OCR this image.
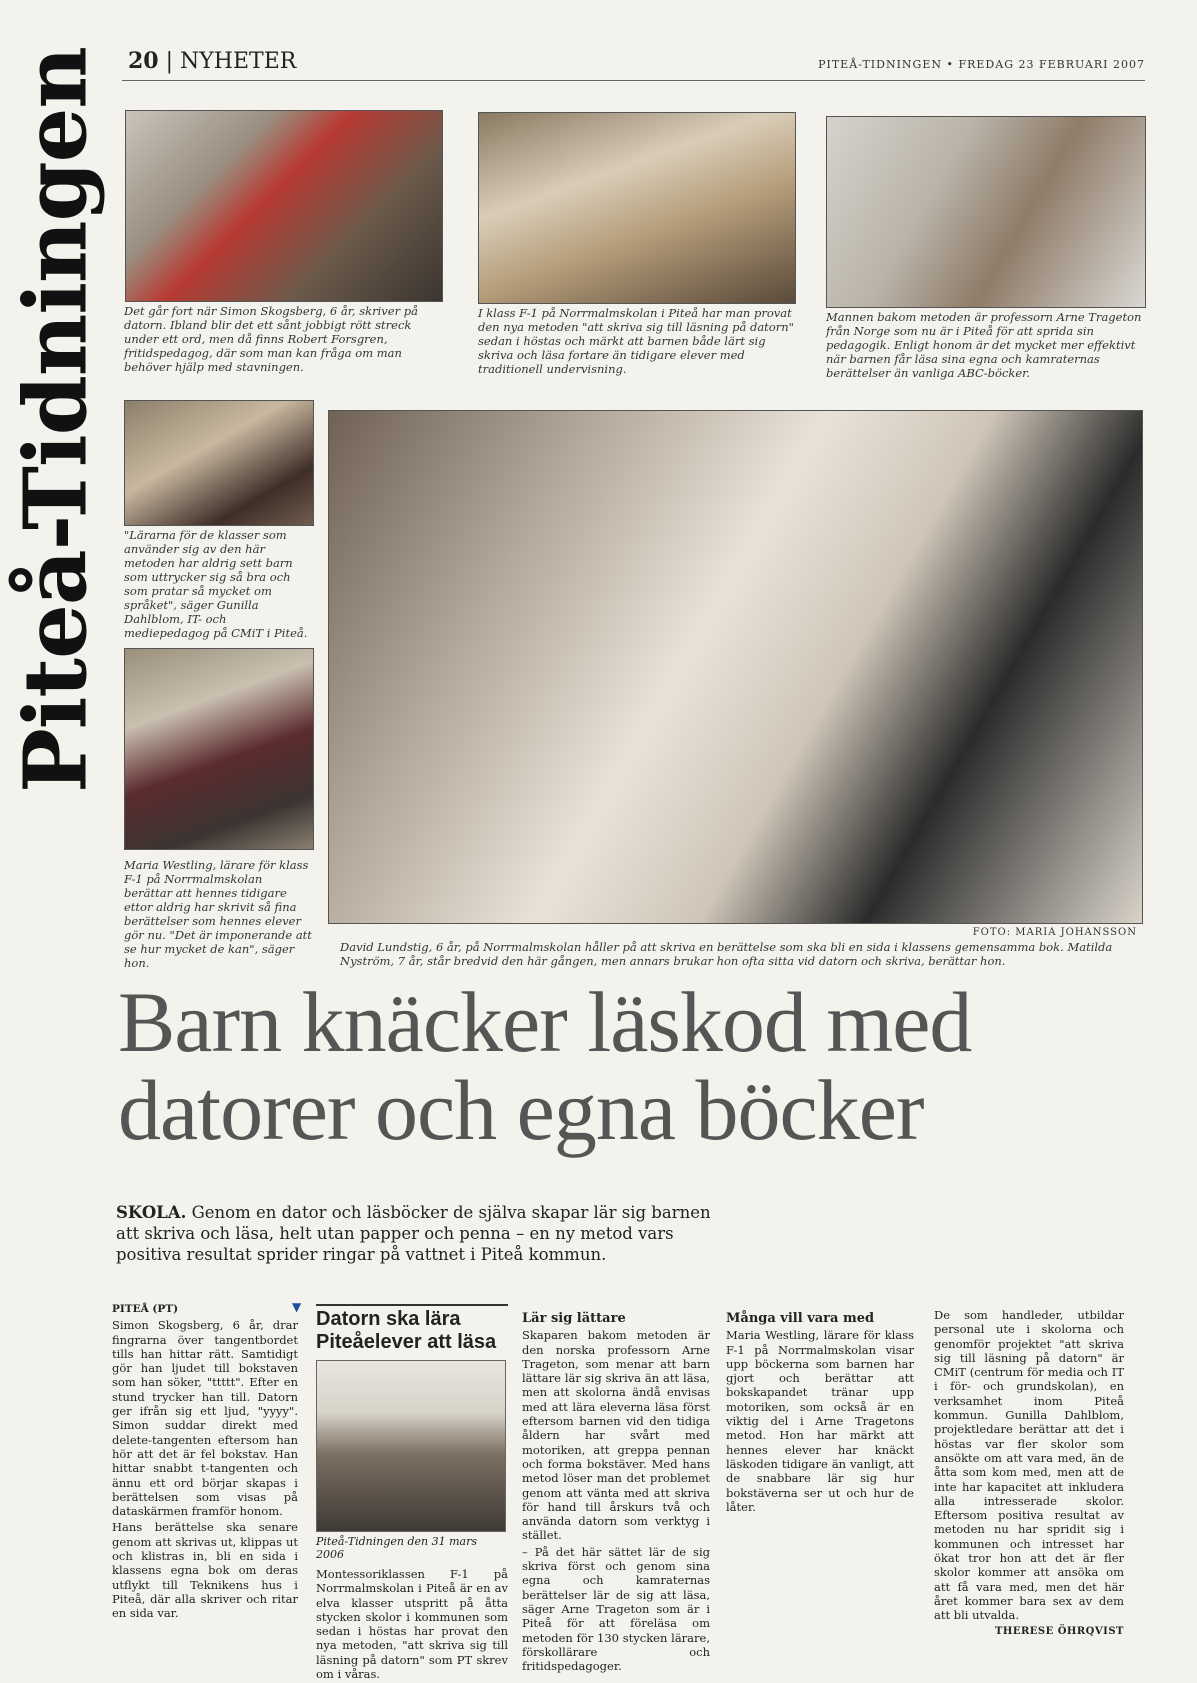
Piteå-Tidningen 20 | NYHETER	PITEÅ-TIDNINGEN • FREDAG 23 FEBRUARI 2007
Det går fort när Simon Skogsberg, 6 år, skriver på datorn. Ibland blir det ett sånt jobbigt rött streck under ett ord, men då finns Robert Forsgren, fritidspedagog, där som man kan fråga om man behöver hjälp med stavningen.
I klass F-1 på Norrmalmskolan i Piteå har man provat den nya metoden "att skriva sig till läsning på datorn" sedan i höstas och märkt att barnen både lärt sig skriva och läsa fortare än tidigare elever med traditionell undervisning.
Mannen bakom metoden är professorn Arne Trageton från Norge som nu är i Piteå för att sprida sin pedagogik. Enligt honom är det mycket mer effektivt när barnen får läsa sina egna och kamraternas berättelser än vanliga ABC-böcker.
"Lärarna för de klasser som använder sig av den här metoden har aldrig sett barn som uttrycker sig så bra och som pratar så mycket om språket", säger Gunilla Dahlblom, IT- och mediepedagog på CMiT i Piteå.
Maria Westling, lärare för klass F-1 på Norrmalmskolan berättar att hennes tidigare ettor aldrig har skrivit så fina berättelser som hennes elever gör nu. "Det är imponerande att se hur mycket de kan", säger hon.
FOTO: MARIA JOHANSSON
David Lundstig, 6 år, på Norrmalmskolan håller på att skriva en berättelse som ska bli en sida i klassens gemensamma bok. Matilda Nyström, 7 år, står bredvid den här gången, men annars brukar hon ofta sitta vid datorn och skriva, berättar hon.
Barn knäcker läskod med datorer och egna böcker
SKOLA. Genom en dator och läsböcker de själva skapar lär sig barnen att skriva och läsa, helt utan papper och penna – en ny metod vars positiva resultat sprider ringar på vattnet i Piteå kommun.
▼

PITEÅ (PT)

Simon Skogsberg, 6 år, drar fingrarna över tangentbordet tills han hittar rätt. Samtidigt gör han ljudet till bokstaven som han söker, "ttttt". Efter en stund trycker han till. Datorn ger ifrån sig ett ljud, "yyyy". Simon suddar direkt med delete-tangenten eftersom han hör att det är fel bokstav. Han hittar snabbt t-tangenten och ännu ett ord börjar skapas i berättelsen som visas på dataskärmen framför honom.

Hans berättelse ska senare genom att skrivas ut, klippas ut och klistras in, bli en sida i klassens egna bok om deras utflykt till Teknikens hus i Piteå, där alla skriver och ritar en sida var.

Datorn ska lära Piteåelever att läsa
Piteå-Tidningen den 31 mars 2006
Montessoriklassen F-1 på Norrmalmskolan i Piteå är en av elva klasser utspritt på åtta stycken skolor i kommunen som sedan i höstas har provat den nya metoden, "att skriva sig till läsning på datorn" som PT skrev om i våras.
Lär sig lättare

Skaparen bakom metoden är den norska professorn Arne Trageton, som menar att barn lättare lär sig skriva än att läsa, men att skolorna ändå envisas med att lära eleverna läsa först eftersom barnen vid den tidiga åldern har svårt med motoriken, att greppa pennan och forma bokstäver. Med hans metod löser man det problemet genom att vänta med att skriva för hand till årskurs två och använda datorn som verktyg i stället.

– På det här sättet lär de sig skriva först och genom sina egna och kamraternas berättelser lär de sig att läsa, säger Arne Trageton som är i Piteå för att föreläsa om metoden för 130 stycken lärare, förskollärare och fritidspedagoger.

Många vill vara med

Maria Westling, lärare för klass F-1 på Norrmalmskolan visar upp böckerna som barnen har gjort och berättar att bokskapandet tränar upp motoriken, som också är en viktig del i Arne Tragetons metod. Hon har märkt att hennes elever har knäckt läskoden tidigare än vanligt, att de snabbare lär sig hur bokstäverna ser ut och hur de låter.

De som handleder, utbildar personal ute i skolorna och genomför projektet "att skriva sig till läsning på datorn" är CMiT (centrum för media och IT i för- och grundskolan), en verksamhet inom Piteå kommun. Gunilla Dahlblom, projektledare berättar att det i höstas var fler skolor som ansökte om att vara med, än de åtta som kom med, men att de inte har kapacitet att inkludera alla intresserade skolor. Eftersom positiva resultat av metoden nu har spridit sig i kommunen och intresset har ökat tror hon att det är fler skolor kommer att ansöka om att få vara med, men det här året kommer bara sex av dem att bli utvalda.

THERESE ÖHRQVIST
